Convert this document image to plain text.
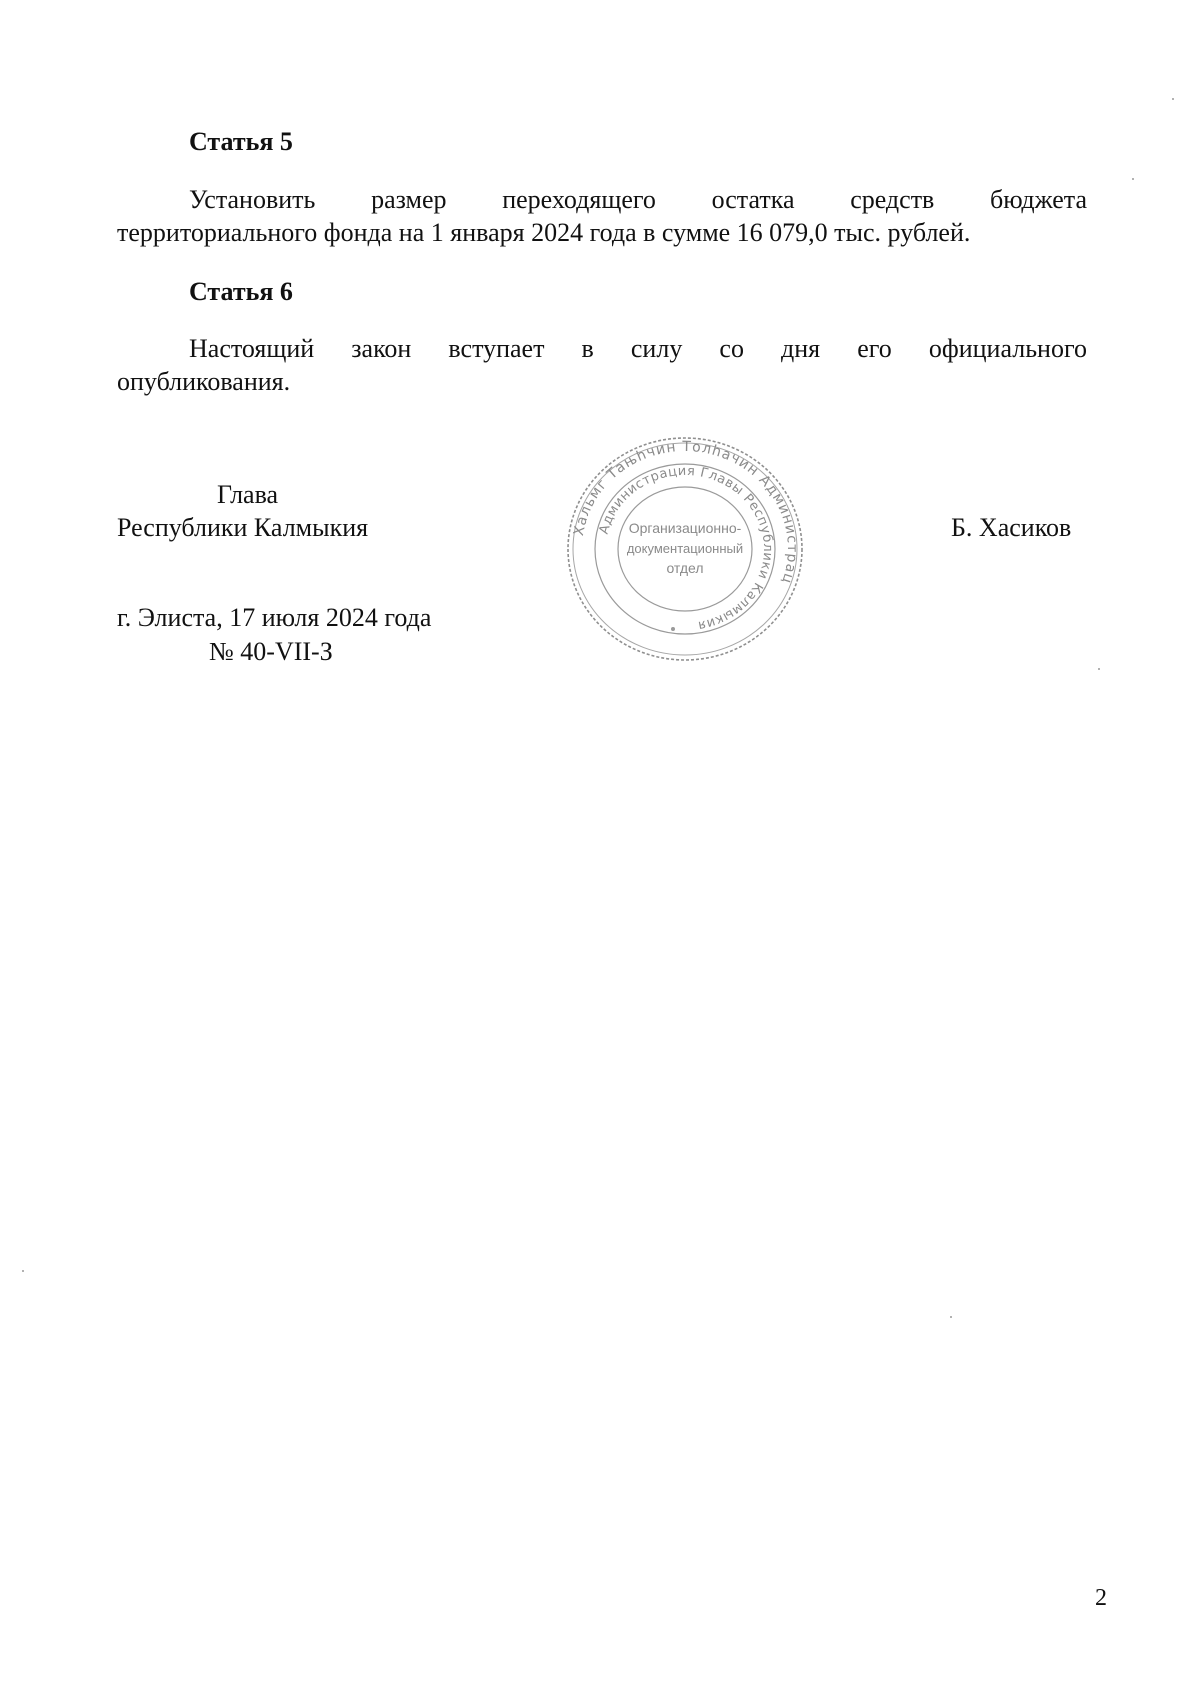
Статья 5
Установить размер переходящего остатка средств бюджета
территориального фонда на 1 января 2024 года в сумме 16 079,0 тыс. рублей.
Статья 6
Настоящий закон вступает в силу со дня его официального
опубликования.
Глава
Республики Калмыкия	Б. Хасиков
Хальмг Тањhчин Толhачин Администрац
Администрация Главы Республики Калмыкия
Организационно-
документационный
отдел
г. Элиста, 17 июля 2024 года
№ 40-VII-З
2
